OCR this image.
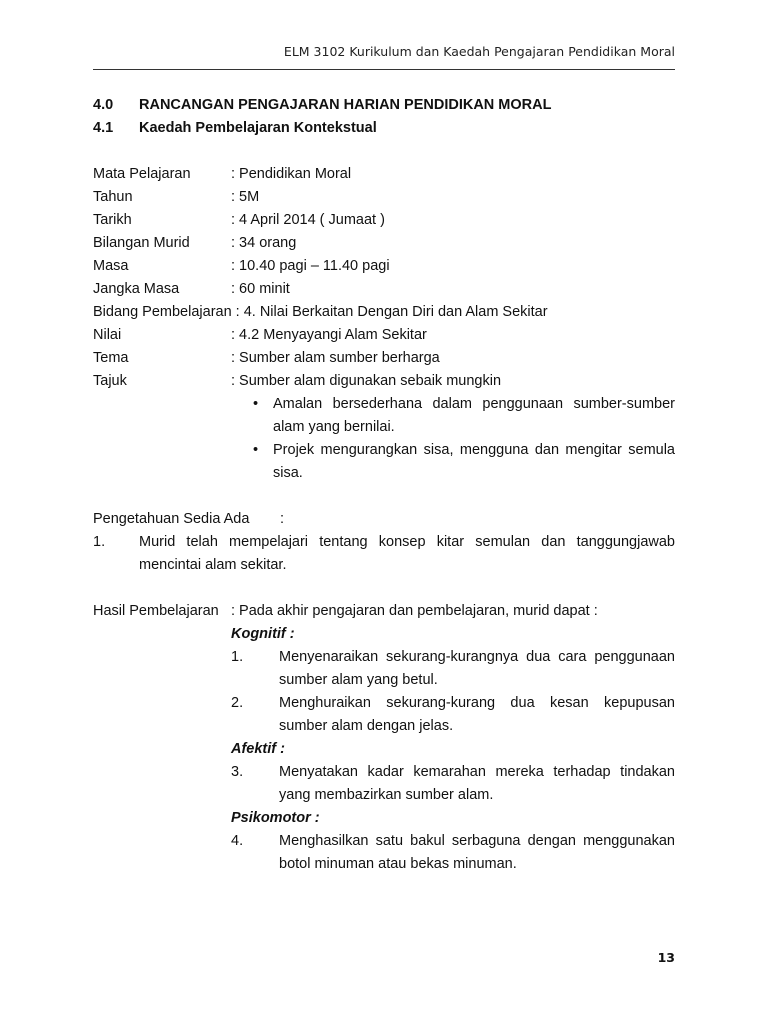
ELM 3102 Kurikulum dan Kaedah Pengajaran Pendidikan Moral
4.0	RANCANGAN PENGAJARAN HARIAN PENDIDIKAN MORAL
4.1	Kaedah Pembelajaran Kontekstual
Mata Pelajaran	: Pendidikan Moral
Tahun	: 5M
Tarikh	: 4 April 2014 ( Jumaat )
Bilangan Murid	: 34 orang
Masa	: 10.40 pagi – 11.40 pagi
Jangka Masa	: 60 minit
Bidang Pembelajaran : 4. Nilai Berkaitan Dengan Diri dan Alam Sekitar
Nilai	: 4.2 Menyayangi Alam Sekitar
Tema	: Sumber alam sumber berharga
Tajuk	: Sumber alam digunakan sebaik mungkin
• Amalan bersederhana dalam penggunaan sumber-sumber alam yang bernilai.
• Projek mengurangkan sisa, mengguna dan mengitar semula sisa.
Pengetahuan Sedia Ada	:
1.	Murid telah mempelajari tentang konsep kitar semulan dan tanggungjawab mencintai alam sekitar.
Hasil Pembelajaran : Pada akhir pengajaran dan pembelajaran, murid dapat :
Kognitif :
1.	Menyenaraikan sekurang-kurangnya dua cara penggunaan sumber alam yang betul.
2.	Menghuraikan sekurang-kurang dua kesan kepupusan sumber alam dengan jelas.
Afektif :
3.	Menyatakan kadar kemarahan mereka terhadap tindakan yang membazirkan sumber alam.
Psikomotor :
4.	Menghasilkan satu bakul serbaguna dengan menggunakan botol minuman atau bekas minuman.
13
